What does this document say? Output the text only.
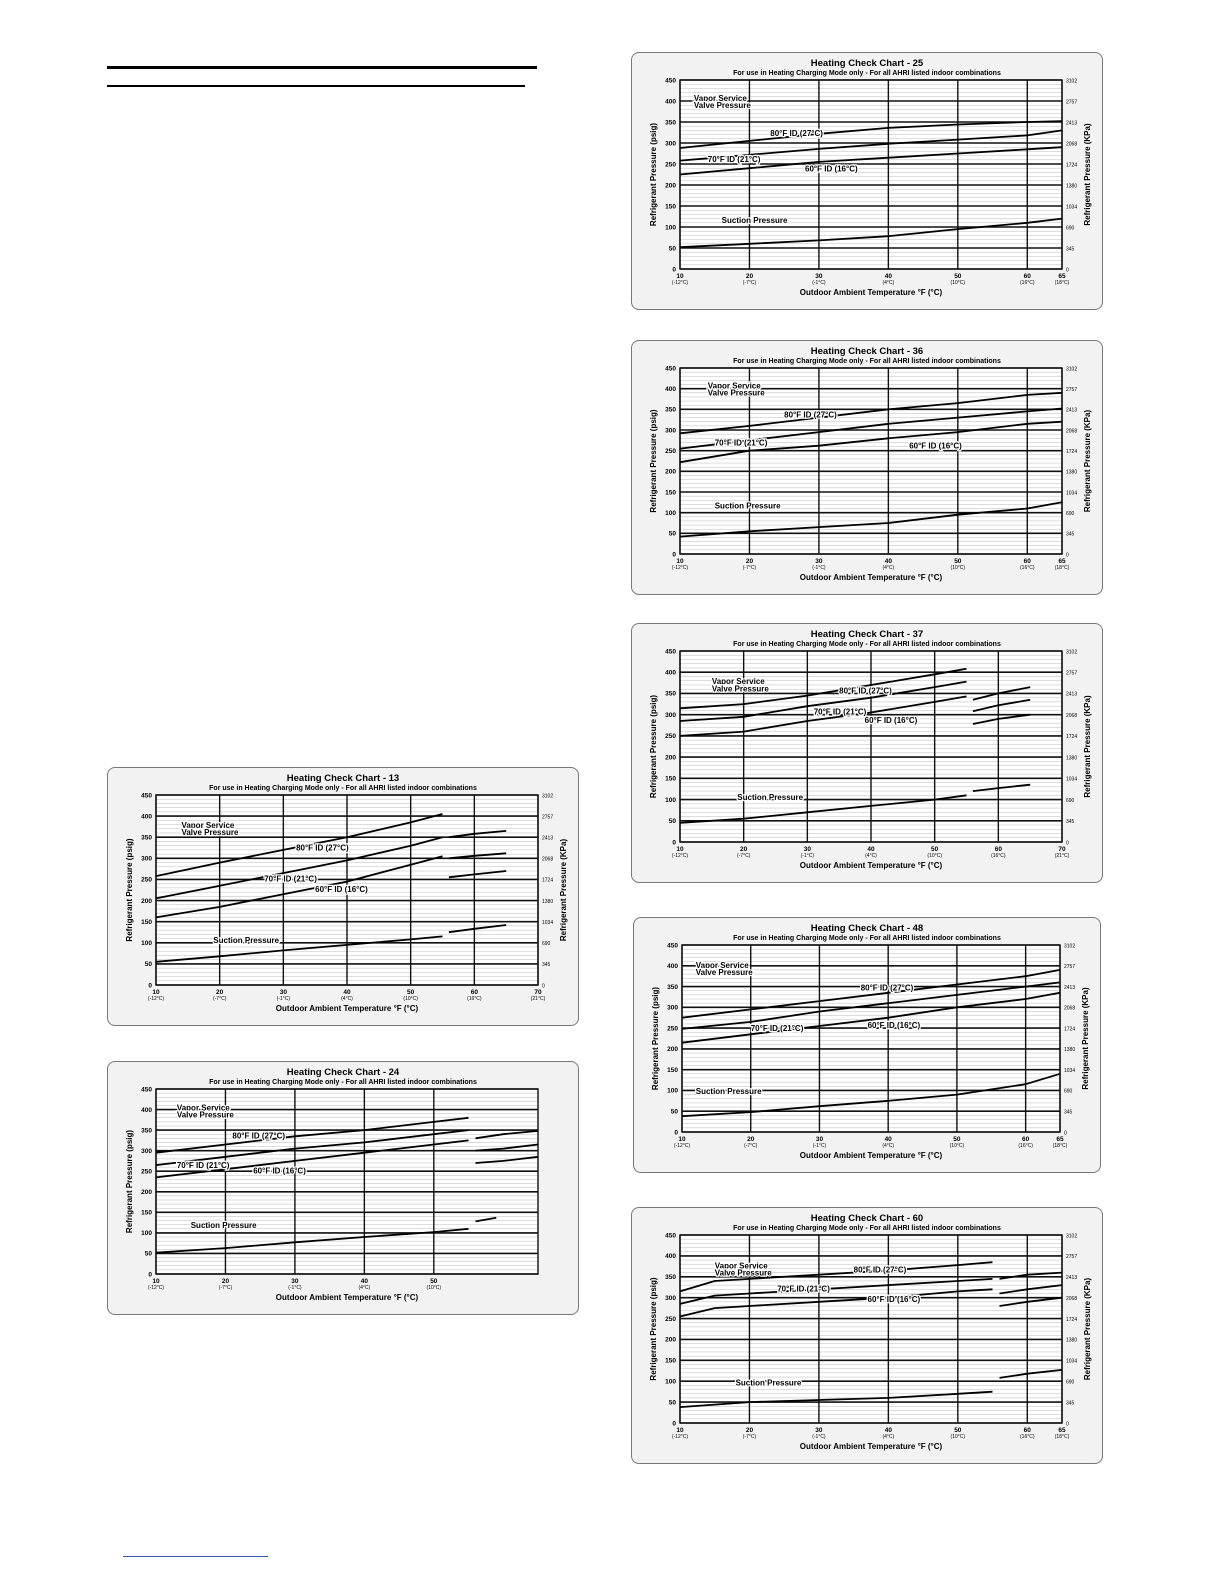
Heating Check Chart - 25
For use in Heating Charging Mode only - For all AHRI listed indoor combinations
0
50
100
150
200
250
300
350
400
450
0
345
690
1034
1380
1724
2068
2413
2757
3102
10
(-12°C)
20
(-7°C)
30
(-1°C)
40
(4°C)
50
(10°C)
60
(16°C)
65
(18°C)
Outdoor Ambient Temperature °F (°C)
Refrigerant Pressure (psig)	Refrigerant Pressure (KPa)
Vapor Service
Valve Pressure
80°F ID (27°C)
70°F ID (21°C)
60°F ID (16°C)
Suction Pressure
Heating Check Chart - 36
For use in Heating Charging Mode only - For all AHRI listed indoor combinations
0
50
100
150
200
250
300
350
400
450
0
345
690
1034
1380
1724
2068
2413
2757
3102
10
(-12°C)
20
(-7°C)
30
(-1°C)
40
(4°C)
50
(10°C)
60
(16°C)
65
(18°C)
Outdoor Ambient Temperature °F (°C)
Refrigerant Pressure (psig)	Refrigerant Pressure (KPa)
Vapor Service
Valve Pressure
80°F ID (27°C)
70°F ID (21°C)	60°F ID (16°C)
Suction Pressure
Heating Check Chart - 37
For use in Heating Charging Mode only - For all AHRI listed indoor combinations
0
50
100
150
200
250
300
350
400
450
0
345
690
1034
1380
1724
2068
2413
2757
3102
10
(-12°C)
20
(-7°C)
30
(-1°C)
40
(4°C)
50
(10°C)
60
(16°C)
70
(21°C)
Outdoor Ambient Temperature °F (°C)
Refrigerant Pressure (psig)	Refrigerant Pressure (KPa)
Vapor Service
Valve Pressure	80°F ID (27°C)
70°F ID (21°C)
60°F ID (16°C)
Suction Pressure
Heating Check Chart - 48
For use in Heating Charging Mode only - For all AHRI listed indoor combinations
0
50
100
150
200
250
300
350
400
450
0
345
690
1034
1380
1724
2068
2413
2757
3102
10
(-12°C)
20
(-7°C)
30
(-1°C)
40
(4°C)
50
(10°C)
60
(16°C)
65
(18°C)
Outdoor Ambient Temperature °F (°C)
Refrigerant Pressure (psig)	Refrigerant Pressure (KPa)
Vapor Service
Valve Pressure
80°F ID (27°C)
70°F ID (21°C)	60°F ID (16°C)
Suction Pressure
Heating Check Chart - 60
For use in Heating Charging Mode only - For all AHRI listed indoor combinations
0
50
100
150
200
250
300
350
400
450
0
345
690
1034
1380
1724
2068
2413
2757
3102
10
(-12°C)
20
(-7°C)
30
(-1°C)
40
(4°C)
50
(10°C)
60
(16°C)
65
(18°C)
Outdoor Ambient Temperature °F (°C)
Refrigerant Pressure (psig)	Refrigerant Pressure (KPa)
Vapor Service
Valve Pressure	80°F ID (27°C)
70°F ID (21°C)
60°F ID (16°C)
Suction Pressure
Heating Check Chart - 13
For use in Heating Charging Mode only - For all AHRI listed indoor combinations
0
50
100
150
200
250
300
350
400
450
0
345
690
1034
1380
1724
2068
2413
2757
3102
10
(-12°C)
20
(-7°C)
30
(-1°C)
40
(4°C)
50
(10°C)
60
(16°C)
70
(21°C)
Outdoor Ambient Temperature °F (°C)
Refrigerant Pressure (psig)	Refrigerant Pressure (KPa)
Vapor Service
Valve Pressure
80°F ID (27°C)
70°F ID (21°C)
60°F ID (16°C)
Suction Pressure
Heating Check Chart - 24
For use in Heating Charging Mode only - For all AHRI listed indoor combinations
0
50
100
150
200
250
300
350
400
450
10
(-12°C)
20
(-7°C)
30
(-1°C)
40
(4°C)
50
(10°C)
Outdoor Ambient Temperature °F (°C)
Refrigerant Pressure (psig)
Vapor Service
Valve Pressure
80°F ID (27°C)
70°F ID (21°C)
60°F ID (16°C)
Suction Pressure
